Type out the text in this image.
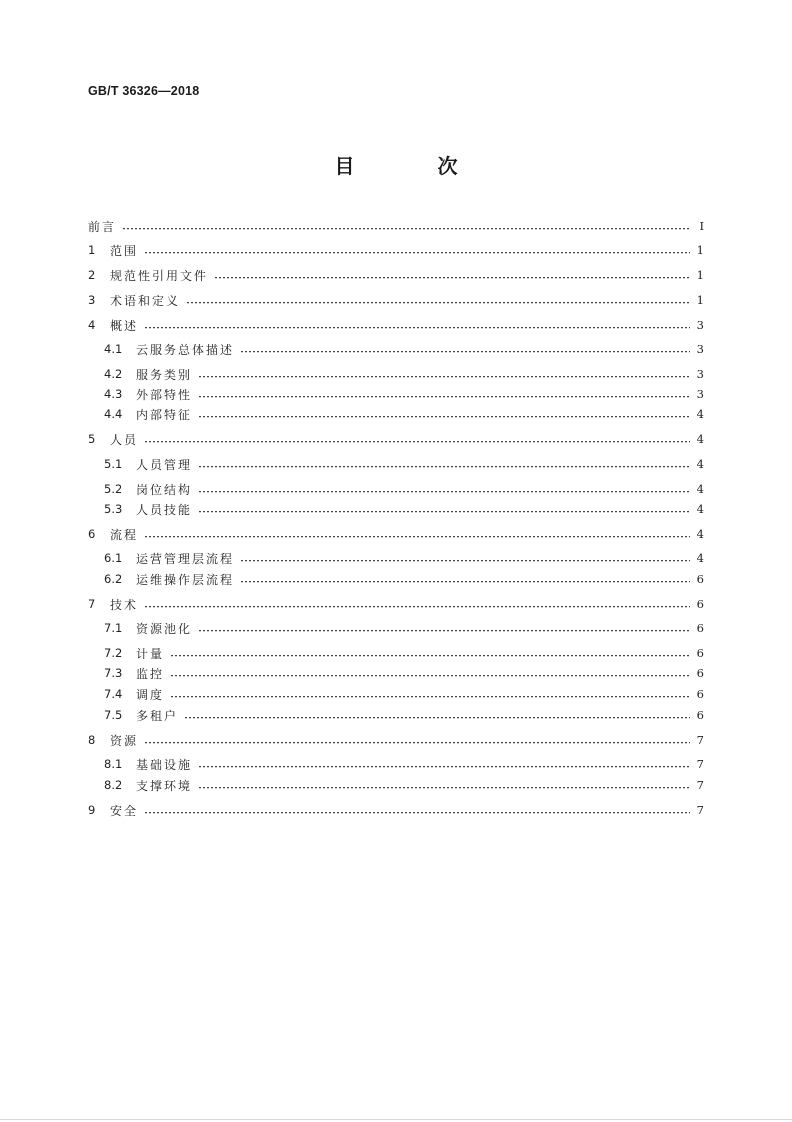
GB/T 36326—2018
目 次
前言	Ⅰ
1	范围	1
2	规范性引用文件	1
3	术语和定义	1
4	概述	3
4.1	云服务总体描述	3
4.2	服务类别	3
4.3	外部特性	3
4.4	内部特征	4
5	人员	4
5.1	人员管理	4
5.2	岗位结构	4
5.3	人员技能	4
6	流程	4
6.1	运营管理层流程	4
6.2	运维操作层流程	6
7	技术	6
7.1	资源池化	6
7.2	计量	6
7.3	监控	6
7.4	调度	6
7.5	多租户	6
8	资源	7
8.1	基础设施	7
8.2	支撑环境	7
9	安全	7
